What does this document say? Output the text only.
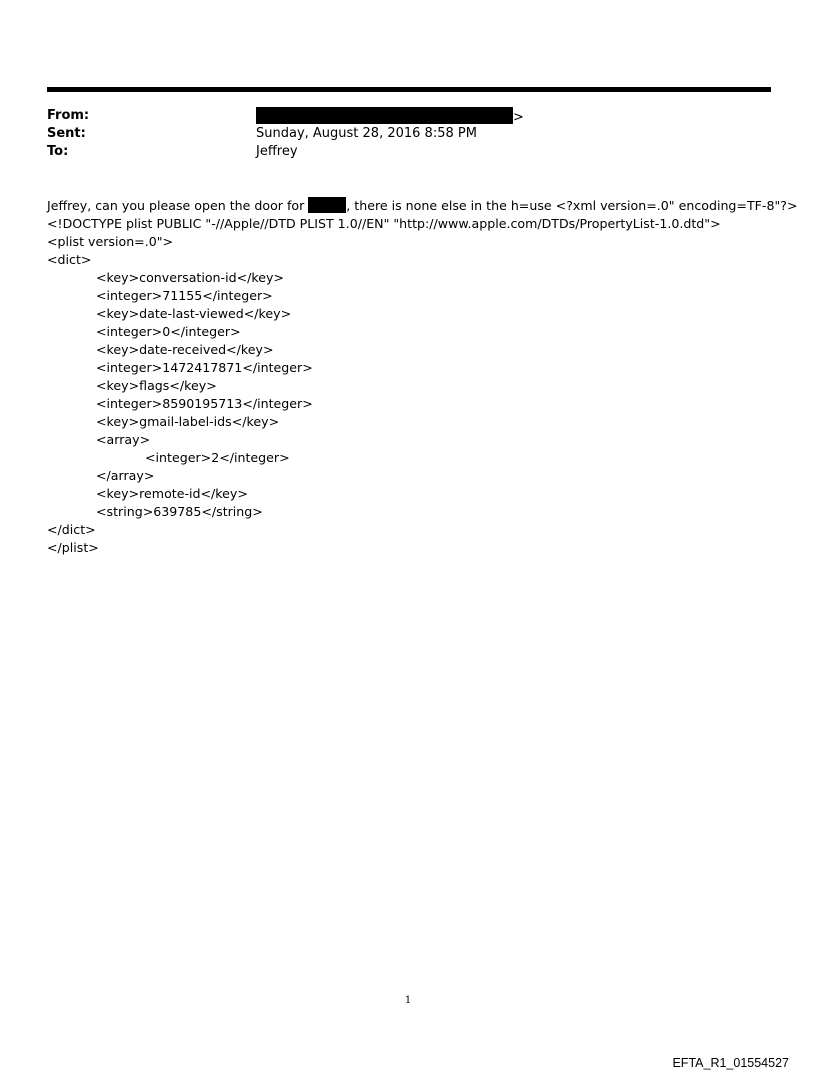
From:	>
Sent:	Sunday, August 28, 2016 8:58 PM
To:	Jeffrey
Jeffrey, can you please open the door for	, there is none else in the h=use <?xml version=.0" encoding=TF-8"?>
<!DOCTYPE plist PUBLIC "-//Apple//DTD PLIST 1.0//EN" "http://www.apple.com/DTDs/PropertyList-1.0.dtd">
<plist version=.0">
<dict>
<key>conversation-id</key>
<integer>71155</integer>
<key>date-last-viewed</key>
<integer>0</integer>
<key>date-received</key>
<integer>1472417871</integer>
<key>flags</key>
<integer>8590195713</integer>
<key>gmail-label-ids</key>
<array>
<integer>2</integer>
</array>
<key>remote-id</key>
<string>639785</string>
</dict>
</plist>
1
EFTA_R1_01554527
